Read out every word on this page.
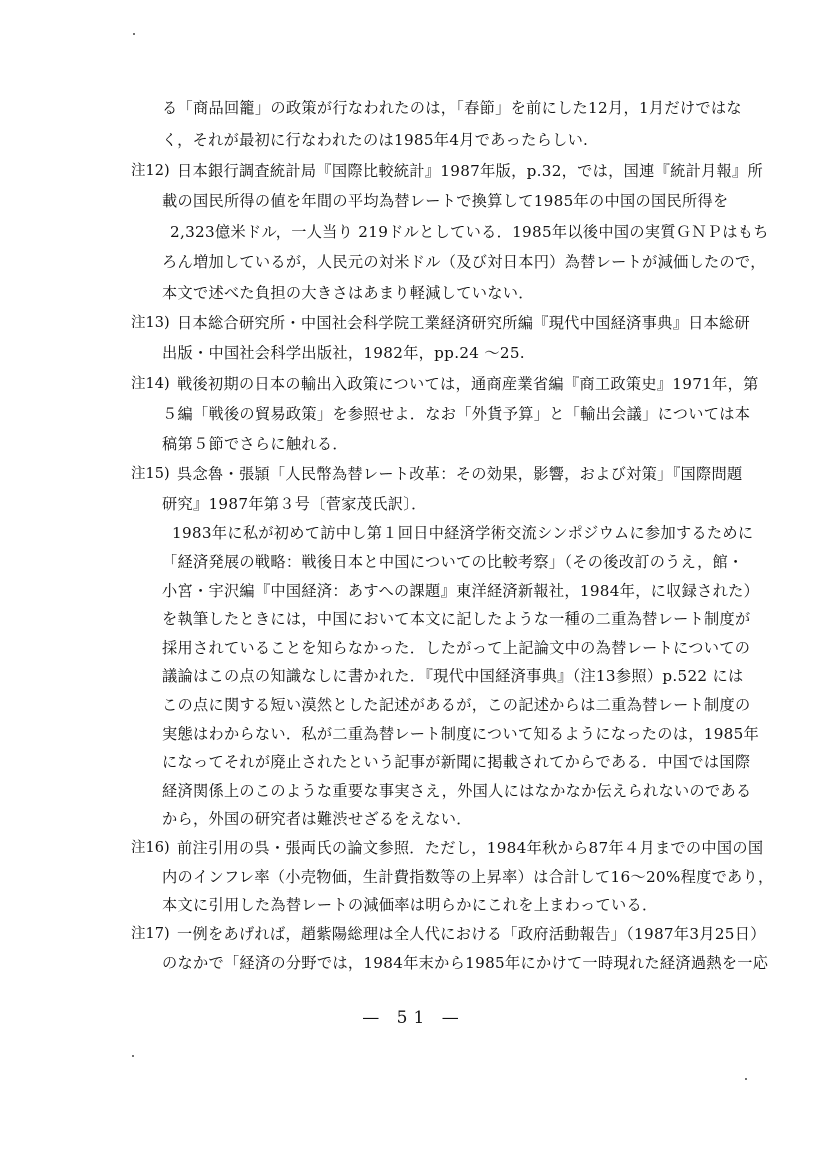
る「商品回籠」の政策が行なわれたのは，「春節」を前にした12月，1月だけではな
く，それが最初に行なわれたのは1985年4月であったらしい.
注12) 日本銀行調査統計局『国際比較統計』1987年版，p.32，では，国連『統計月報』所
載の国民所得の値を年間の平均為替レートで換算して1985年の中国の国民所得を
2,323億米ドル，一人当り 219ドルとしている．1985年以後中国の実質ＧＮＰはもち
ろん増加しているが，人民元の対米ドル（及び対日本円）為替レートが減価したので，
本文で述べた負担の大きさはあまり軽減していない．
注13) 日本総合研究所・中国社会科学院工業経済研究所編『現代中国経済事典』日本総研
出版・中国社会科学出版社，1982年，pp.24 〜25.
注14) 戦後初期の日本の輸出入政策については，通商産業省編『商工政策史』1971年，第
５編「戦後の貿易政策」を参照せよ．なお「外貨予算」と「輸出会議」については本
稿第５節でさらに触れる．
注15) 呉念魯・張頴「人民幣為替レート改革：その効果，影響，および対策」『国際問題
研究』1987年第３号〔菅家茂氏訳〕．
1983年に私が初めて訪中し第１回日中経済学術交流シンポジウムに参加するために
「経済発展の戦略：戦後日本と中国についての比較考察」（その後改訂のうえ，館・
小宮・宇沢編『中国経済：あすへの課題』東洋経済新報社，1984年，に収録された）
を執筆したときには，中国において本文に記したような一種の二重為替レート制度が
採用されていることを知らなかった．したがって上記論文中の為替レートについての
議論はこの点の知識なしに書かれた．『現代中国経済事典』（注13参照）p.522 には
この点に関する短い漠然とした記述があるが，この記述からは二重為替レート制度の
実態はわからない．私が二重為替レート制度について知るようになったのは，1985年
になってそれが廃止されたという記事が新聞に掲載されてからである．中国では国際
経済関係上のこのような重要な事実さえ，外国人にはなかなか伝えられないのである
から，外国の研究者は難渋せざるをえない．
注16) 前注引用の呉・張両氏の論文参照．ただし，1984年秋から87年４月までの中国の国
内のインフレ率（小売物価，生計費指数等の上昇率）は合計して16〜20%程度であり，
本文に引用した為替レートの減価率は明らかにこれを上まわっている．
注17) 一例をあげれば，趙紫陽総理は全人代における「政府活動報告」（1987年3月25日）
のなかで「経済の分野では，1984年末から1985年にかけて一時現れた経済過熱を一応
— 51 —
